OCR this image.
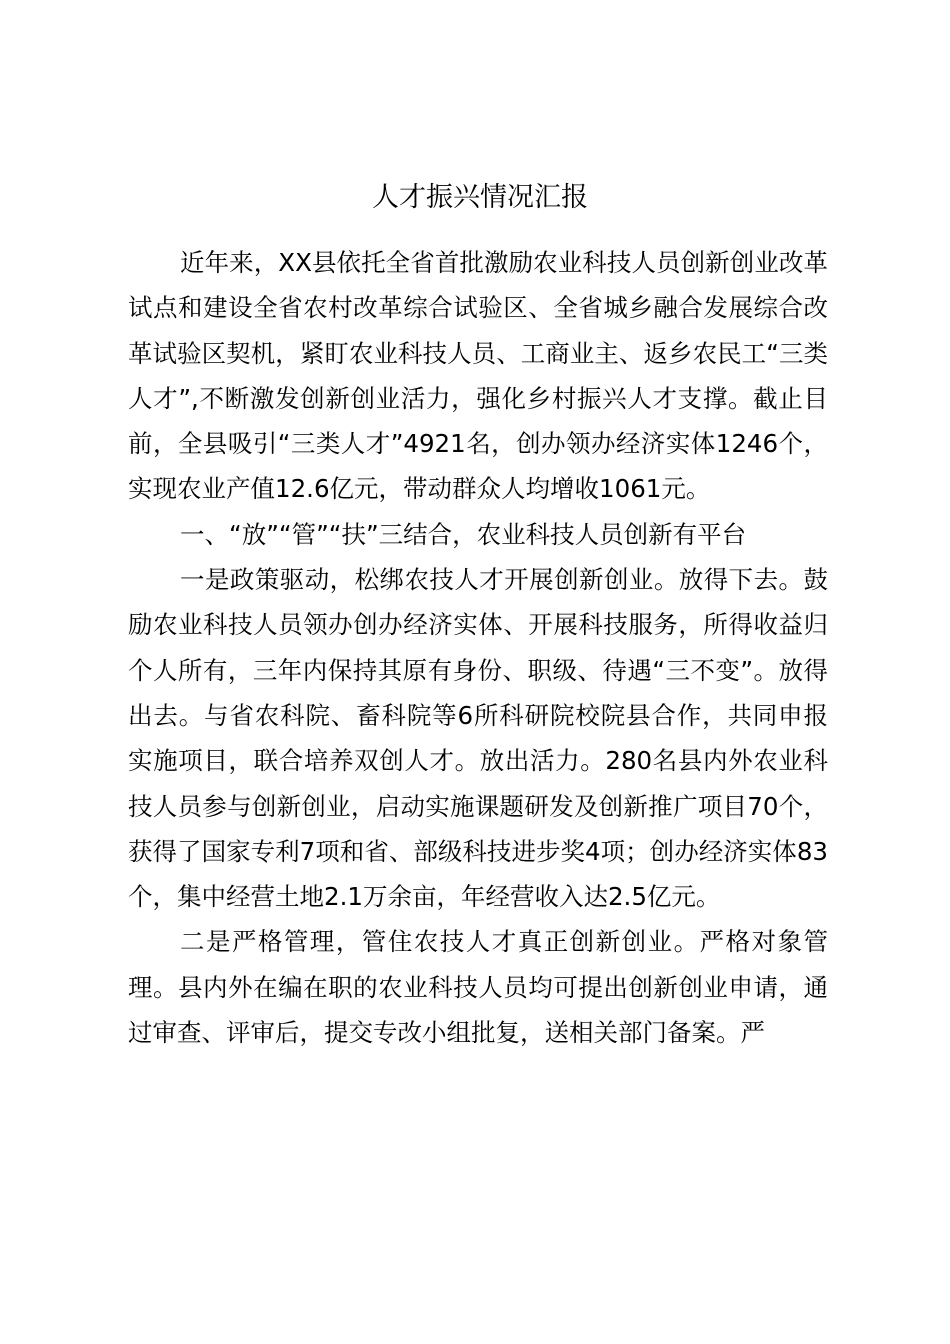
人才振兴情况汇报

近年来，XX县依托全省首批激励农业科技人员创新创业改革试点和建设全省农村改革综合试验区、全省城乡融合发展综合改革试验区契机，紧盯农业科技人员、工商业主、返乡农民工“三类人才”,不断激发创新创业活力，强化乡村振兴人才支撑。截止目前，全县吸引“三类人才”4921名，创办领办经济实体1246个，实现农业产值12.6亿元，带动群众人均增收1061元。

一、“放”“管”“扶”三结合，农业科技人员创新有平台

一是政策驱动，松绑农技人才开展创新创业。放得下去。鼓励农业科技人员领办创办经济实体、开展科技服务，所得收益归个人所有，三年内保持其原有身份、职级、待遇“三不变”。放得出去。与省农科院、畜科院等6所科研院校院县合作，共同申报实施项目，联合培养双创人才。放出活力。280名县内外农业科技人员参与创新创业，启动实施课题研发及创新推广项目70个，获得了国家专利7项和省、部级科技进步奖4项；创办经济实体83个，集中经营土地2.1万余亩，年经营收入达2.5亿元。

二是严格管理，管住农技人才真正创新创业。严格对象管理。县内外在编在职的农业科技人员均可提出创新创业申请，通过审查、评审后，提交专改小组批复，送相关部门备案。严
